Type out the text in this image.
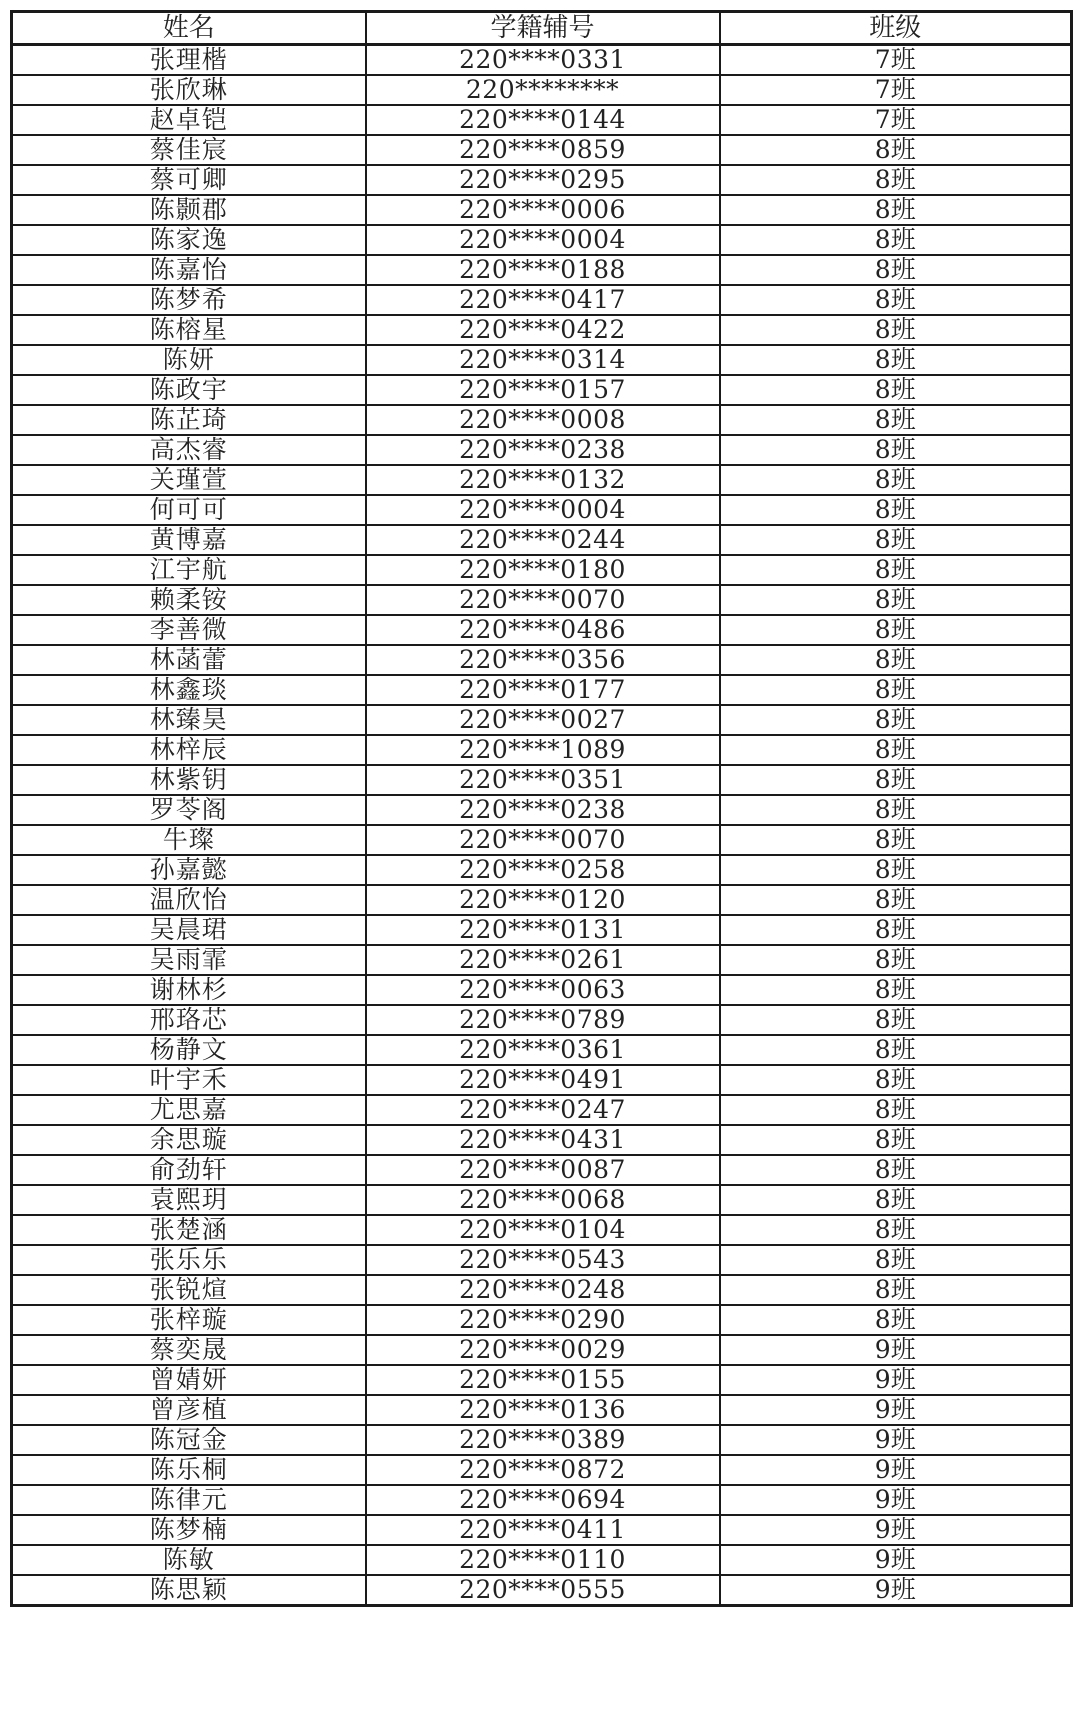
姓名	学籍辅号	班级
张理楷	220****0331	7班
张欣琳	220********	7班
赵卓铠	220****0144	7班
蔡佳宸	220****0859	8班
蔡可卿	220****0295	8班
陈颢郡	220****0006	8班
陈家逸	220****0004	8班
陈嘉怡	220****0188	8班
陈梦希	220****0417	8班
陈榕星	220****0422	8班
陈妍	220****0314	8班
陈政宇	220****0157	8班
陈芷琦	220****0008	8班
高杰睿	220****0238	8班
关瑾萱	220****0132	8班
何可可	220****0004	8班
黄博嘉	220****0244	8班
江宇航	220****0180	8班
赖柔铵	220****0070	8班
李善微	220****0486	8班
林菡蕾	220****0356	8班
林鑫琰	220****0177	8班
林臻昊	220****0027	8班
林梓辰	220****1089	8班
林紫钥	220****0351	8班
罗苓阁	220****0238	8班
牛璨	220****0070	8班
孙嘉懿	220****0258	8班
温欣怡	220****0120	8班
吴晨珺	220****0131	8班
吴雨霏	220****0261	8班
谢林杉	220****0063	8班
邢珞芯	220****0789	8班
杨静文	220****0361	8班
叶宇禾	220****0491	8班
尤思嘉	220****0247	8班
余思璇	220****0431	8班
俞劲轩	220****0087	8班
袁熙玥	220****0068	8班
张楚涵	220****0104	8班
张乐乐	220****0543	8班
张锐煊	220****0248	8班
张梓璇	220****0290	8班
蔡奕晟	220****0029	9班
曾婧妍	220****0155	9班
曾彦植	220****0136	9班
陈冠金	220****0389	9班
陈乐桐	220****0872	9班
陈律元	220****0694	9班
陈梦楠	220****0411	9班
陈敏	220****0110	9班
陈思颖	220****0555	9班
